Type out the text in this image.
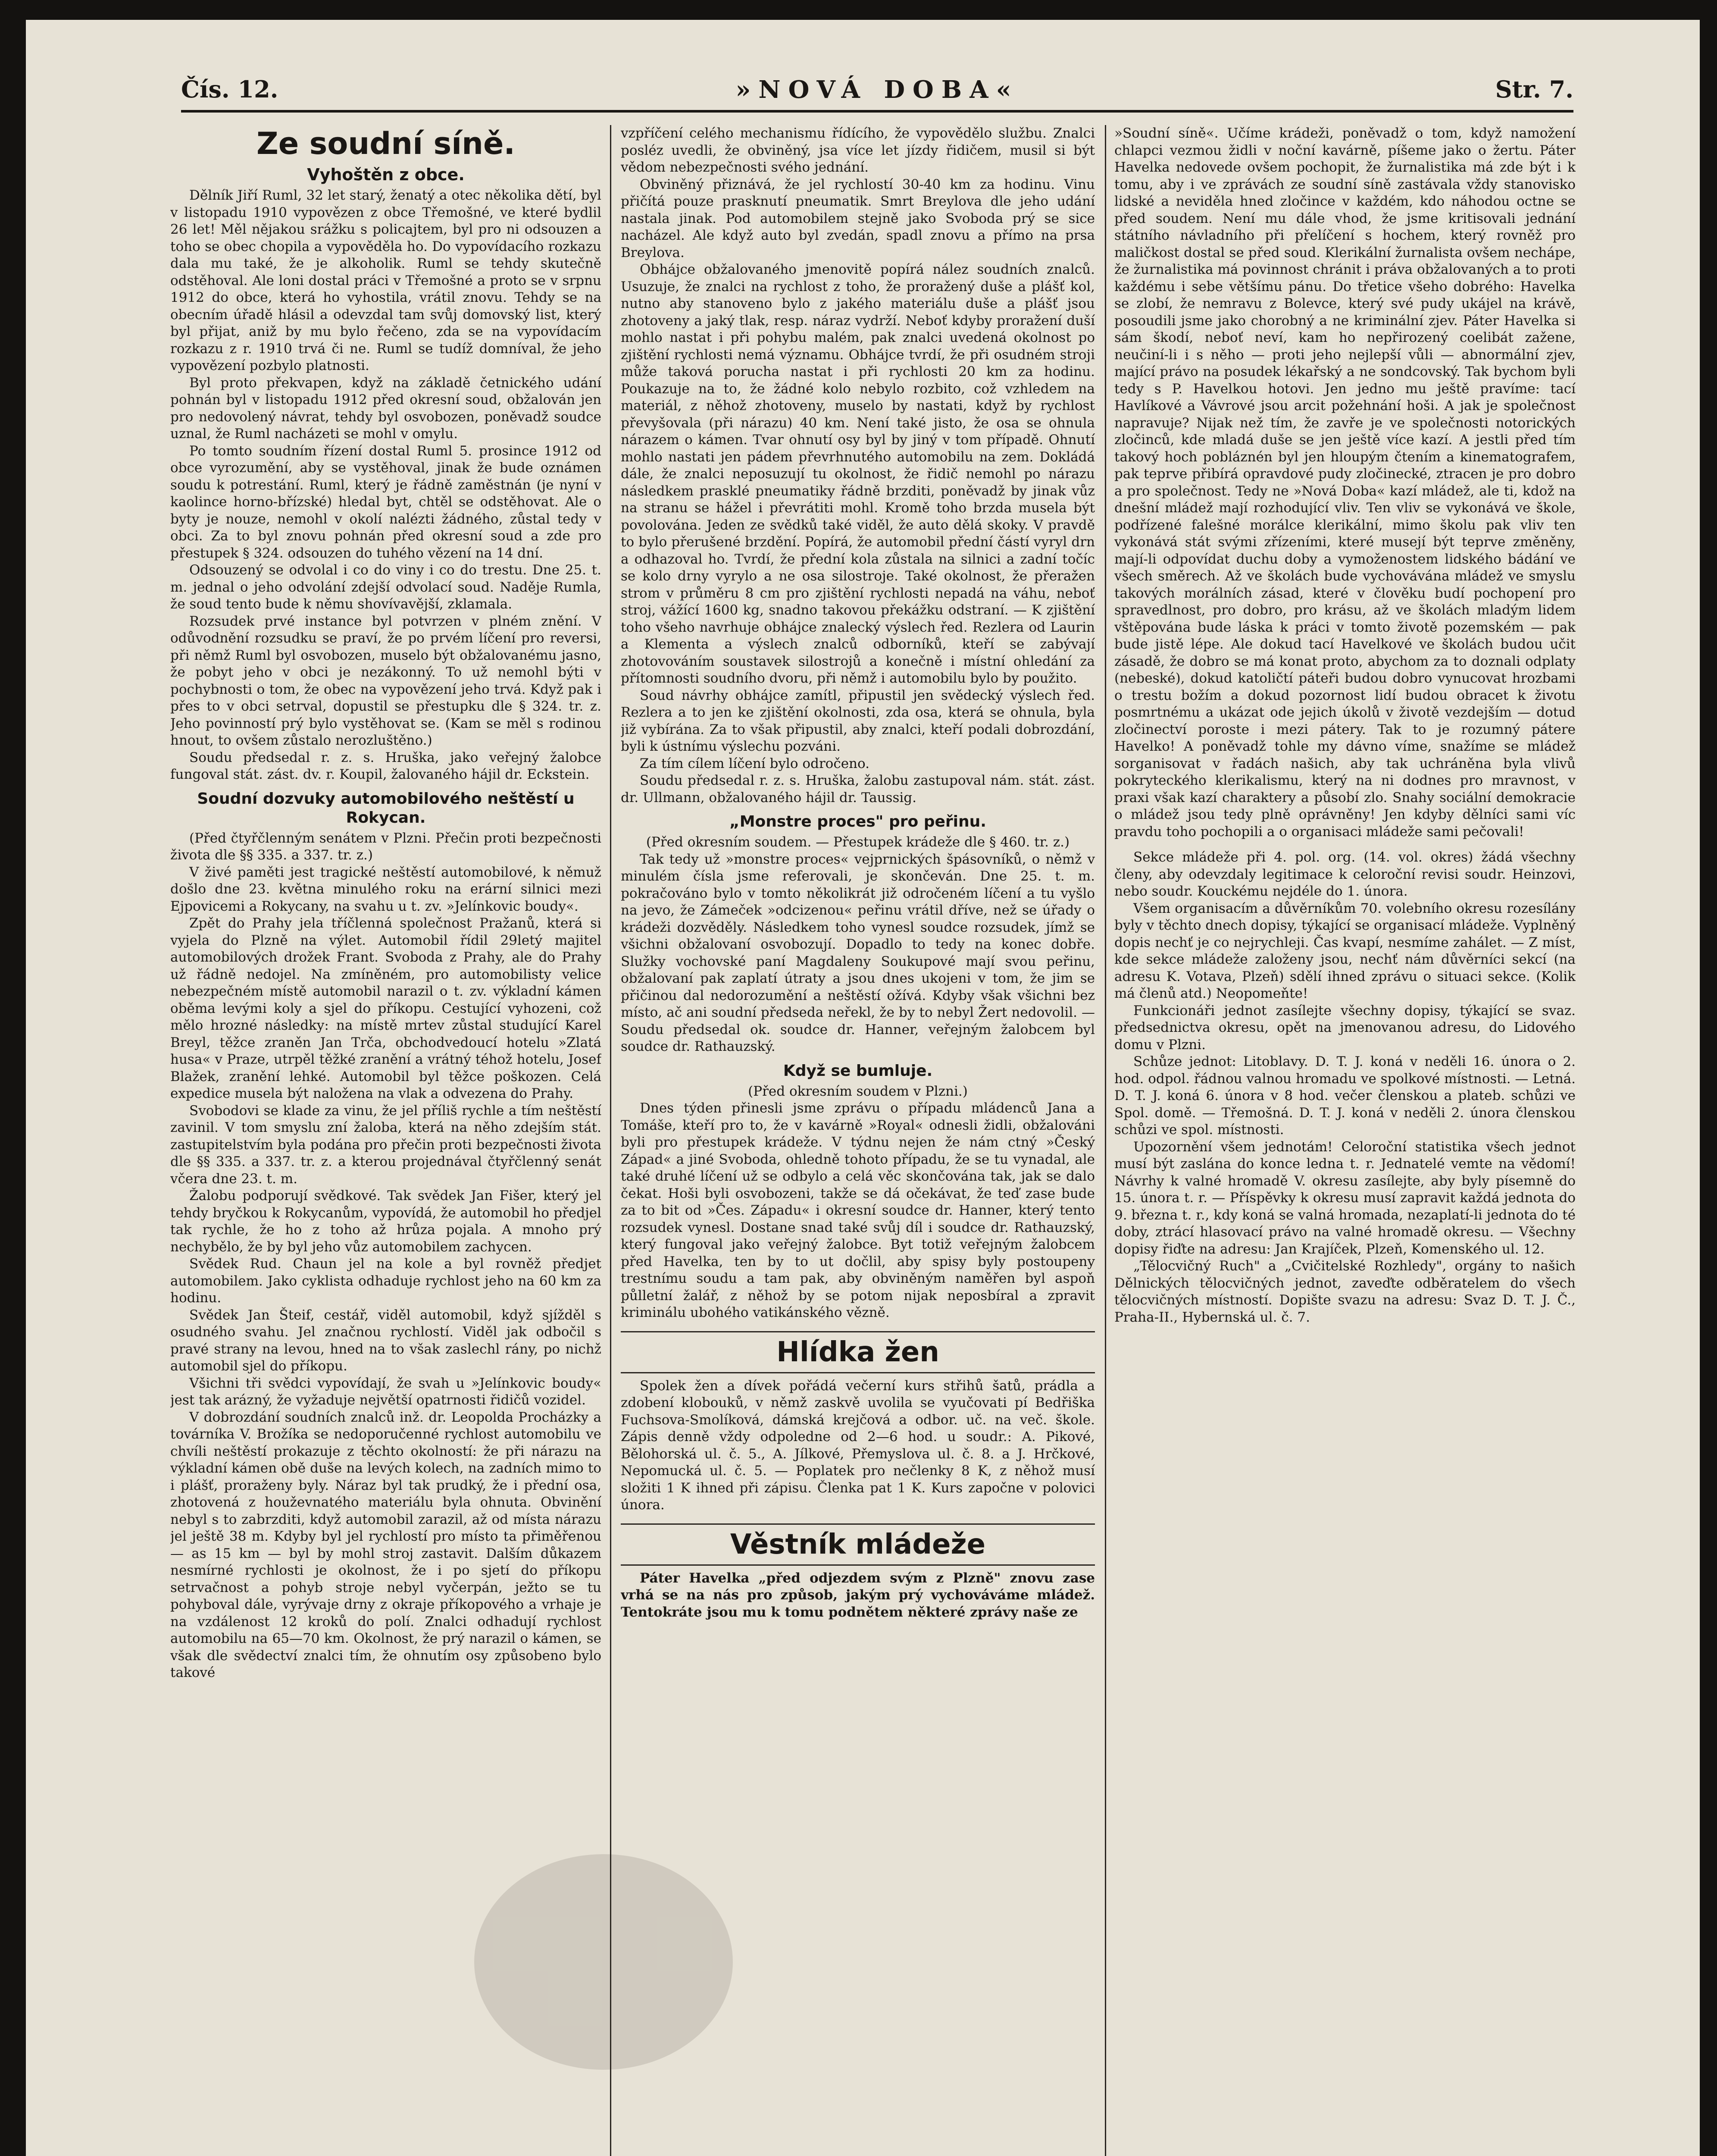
Čís. 12.	»NOVÁ DOBA«	Str. 7.
Ze soudní síně.
Vyhoštěn z obce.

Dělník Jiří Ruml, 32 let starý, ženatý a otec několika dětí, byl v listopadu 1910 vypovězen z obce Třemošné, ve které bydlil 26 let! Měl nějakou srážku s policajtem, byl pro ni odsouzen a toho se obec chopila a vypověděla ho. Do vypovídacího rozkazu dala mu také, že je alkoholik. Ruml se tehdy skutečně odstěhoval. Ale loni dostal práci v Třemošné a proto se v srpnu 1912 do obce, která ho vyhostila, vrátil znovu. Tehdy se na obecním úřadě hlásil a odevzdal tam svůj domovský list, který byl přijat, aniž by mu bylo řečeno, zda se na vypovídacím rozkazu z r. 1910 trvá či ne. Ruml se tudíž domníval, že jeho vypovězení pozbylo platnosti.

Byl proto překvapen, když na základě četnického udání pohnán byl v listopadu 1912 před okresní soud, obžalován jen pro nedovolený návrat, tehdy byl osvobozen, poněvadž soudce uznal, že Ruml nacházeti se mohl v omylu.

Po tomto soudním řízení dostal Ruml 5. prosince 1912 od obce vyrozumění, aby se vystěhoval, jinak že bude oznámen soudu k potrestání. Ruml, který je řádně zaměstnán (je nyní v kaolince horno-břízské) hledal byt, chtěl se odstěhovat. Ale o byty je nouze, nemohl v okolí nalézti žádného, zůstal tedy v obci. Za to byl znovu pohnán před okresní soud a zde pro přestupek § 324. odsouzen do tuhého vězení na 14 dní.

Odsouzený se odvolal i co do viny i co do trestu. Dne 25. t. m. jednal o jeho odvolání zdejší odvolací soud. Naděje Rumla, že soud tento bude k němu shovívavější, zklamala.

Rozsudek prvé instance byl potvrzen v plném znění. V odůvodnění rozsudku se praví, že po prvém líčení pro reversi, při němž Ruml byl osvobozen, muselo být obžalovanému jasno, že pobyt jeho v obci je nezákonný. To už nemohl býti v pochybnosti o tom, že obec na vypovězení jeho trvá. Když pak i přes to v obci setrval, dopustil se přestupku dle § 324. tr. z. Jeho povinností prý bylo vystěhovat se. (Kam se měl s rodinou hnout, to ovšem zůstalo nerozluštěno.)

Soudu předsedal r. z. s. Hruška, jako veřejný žalobce fungoval stát. zást. dv. r. Koupil, žalovaného hájil dr. Eckstein.

Soudní dozvuky automobilového neštěstí u Rokycan.

(Před čtyřčlenným senátem v Plzni. Přečin proti bezpečnosti života dle §§ 335. a 337. tr. z.)

V živé paměti jest tragické neštěstí automobilové, k němuž došlo dne 23. května minulého roku na erární silnici mezi Ejpovicemi a Rokycany, na svahu u t. zv. »Jelínkovic boudy«.

Zpět do Prahy jela tříčlenná společnost Pražanů, která si vyjela do Plzně na výlet. Automobil řídil 29letý majitel automobilových drožek Frant. Svoboda z Prahy, ale do Prahy už řádně nedojel. Na zmíněném, pro automobilisty velice nebezpečném místě automobil narazil o t. zv. výkladní kámen oběma levými koly a sjel do příkopu. Cestující vyhozeni, což mělo hrozné následky: na místě mrtev zůstal studující Karel Breyl, těžce zraněn Jan Trča, obchodvedoucí hotelu »Zlatá husa« v Praze, utrpěl těžké zranění a vrátný téhož hotelu, Josef Blažek, zranění lehké. Automobil byl těžce poškozen. Celá expedice musela být naložena na vlak a odvezena do Prahy.

Svobodovi se klade za vinu, že jel příliš rychle a tím neštěstí zavinil. V tom smyslu zní žaloba, která na něho zdejším stát. zastupitelstvím byla podána pro přečin proti bezpečnosti života dle §§ 335. a 337. tr. z. a kterou projednával čtyřčlenný senát včera dne 23. t. m.

Žalobu podporují svědkové. Tak svědek Jan Fišer, který jel tehdy bryčkou k Rokycanům, vypovídá, že automobil ho předjel tak rychle, že ho z toho až hrůza pojala. A mnoho prý nechybělo, že by byl jeho vůz automobilem zachycen.

Svědek Rud. Chaun jel na kole a byl rovněž předjet automobilem. Jako cyklista odhaduje rychlost jeho na 60 km za hodinu.

Svědek Jan Šteif, cestář, viděl automobil, když sjížděl s osudného svahu. Jel značnou rychlostí. Viděl jak odbočil s pravé strany na levou, hned na to však zaslechl rány, po nichž automobil sjel do příkopu.

Všichni tři svědci vypovídají, že svah u »Jelínkovic boudy« jest tak arázný, že vyžaduje největší opatrnosti řidičů vozidel.

V dobrozdání soudních znalců inž. dr. Leopolda Procházky a továrníka V. Brožíka se nedoporučenné rychlost automobilu ve chvíli neštěstí prokazuje z těchto okolností: že při nárazu na výkladní kámen obě duše na levých kolech, na zadních mimo to i plášť, proraženy byly. Náraz byl tak prudký, že i přední osa, zhotovená z houževnatého materiálu byla ohnuta. Obvinění nebyl s to zabrzditi, když automobil zarazil, až od místa nárazu jel ještě 38 m. Kdyby byl jel rychlostí pro místo ta přiměřenou — as 15 km — byl by mohl stroj zastavit. Dalším důkazem nesmírné rychlosti je okolnost, že i po sjetí do příkopu setrvačnost a pohyb stroje nebyl vyčerpán, ježto se tu pohyboval dále, vyrývaje drny z okraje příkopového a vrhaje je na vzdálenost 12 kroků do polí. Znalci odhadují rychlost automobilu na 65—70 km. Okolnost, že prý narazil o kámen, se však dle svědectví znalci tím, že ohnutím osy způsobeno bylo takové

vzpříčení celého mechanismu řídícího, že vypovědělo službu. Znalci posléz uvedli, že obviněný, jsa více let jízdy řidičem, musil si být vědom nebezpečnosti svého jednání.

Obviněný přiznává, že jel rychlostí 30-40 km za hodinu. Vinu přičítá pouze prasknutí pneumatik. Smrt Breylova dle jeho udání nastala jinak. Pod automobilem stejně jako Svoboda prý se sice nacházel. Ale když auto byl zvedán, spadl znovu a přímo na prsa Breylova.

Obhájce obžalovaného jmenovitě popírá nález soudních znalců. Usuzuje, že znalci na rychlost z toho, že proražený duše a plášť kol, nutno aby stanoveno bylo z jakého materiálu duše a plášť jsou zhotoveny a jaký tlak, resp. náraz vydrží. Neboť kdyby proražení duší mohlo nastat i při pohybu malém, pak znalci uvedená okolnost po zjištění rychlosti nemá významu. Obhájce tvrdí, že při osudném stroji může taková porucha nastat i při rychlosti 20 km za hodinu. Poukazuje na to, že žádné kolo nebylo rozbito, což vzhledem na materiál, z něhož zhotoveny, muselo by nastati, když by rychlost převyšovala (při nárazu) 40 km. Není také jisto, že osa se ohnula nárazem o kámen. Tvar ohnutí osy byl by jiný v tom případě. Ohnutí mohlo nastati jen pádem převrhnutého automobilu na zem. Dokládá dále, že znalci neposuzují tu okolnost, že řidič nemohl po nárazu následkem prasklé pneumatiky řádně brzditi, poněvadž by jinak vůz na stranu se hážel i převrátiti mohl. Kromě toho brzda musela být povolována. Jeden ze svědků také viděl, že auto dělá skoky. V pravdě to bylo přerušené brzdění. Popírá, že automobil přední částí vyryl drn a odhazoval ho. Tvrdí, že přední kola zůstala na silnici a zadní točíc se kolo drny vyrylo a ne osa silostroje. Také okolnost, že přeražen strom v průměru 8 cm pro zjištění rychlosti nepadá na váhu, neboť stroj, vážící 1600 kg, snadno takovou překážku odstraní. — K zjištění toho všeho navrhuje obhájce znalecký výslech řed. Rezlera od Laurin a Klementa a výslech znalců odborníků, kteří se zabývají zhotovováním soustavek silostrojů a konečně i místní ohledání za přítomnosti soudního dvoru, při němž i automobilu bylo by použito.

Soud návrhy obhájce zamítl, připustil jen svědecký výslech řed. Rezlera a to jen ke zjištění okolnosti, zda osa, která se ohnula, byla již vybírána. Za to však připustil, aby znalci, kteří podali dobrozdání, byli k ústnímu výslechu pozváni.

Za tím cílem líčení bylo odročeno.

Soudu předsedal r. z. s. Hruška, žalobu zastupoval nám. stát. zást. dr. Ullmann, obžalovaného hájil dr. Taussig.

„Monstre proces" pro peřinu.

(Před okresním soudem. — Přestupek krádeže dle § 460. tr. z.)

Tak tedy už »monstre proces« vejprnických špásovníků, o němž v minulém čísla jsme referovali, je skončeván. Dne 25. t. m. pokračováno bylo v tomto několikrát již odročeném líčení a tu vyšlo na jevo, že Zámeček »odcizenou« peřinu vrátil dříve, než se úřady o krádeži dozvěděly. Následkem toho vynesl soudce rozsudek, jímž se všichni obžalovaní osvobozují. Dopadlo to tedy na konec dobře. Služky vochovské paní Magdaleny Soukupové mají svou peřinu, obžalovaní pak zaplatí útraty a jsou dnes ukojeni v tom, že jim se přičinou dal nedorozumění a neštěstí ožívá. Kdyby však všichni bez místo, ač ani soudní předseda neřekl, že by to nebyl Žert nedovolil. — Soudu předsedal ok. soudce dr. Hanner, veřejným žalobcem byl soudce dr. Rathauzský.

Když se bumluje.

(Před okresním soudem v Plzni.)

Dnes týden přinesli jsme zprávu o případu mládenců Jana a Tomáše, kteří pro to, že v kavárně »Royal« odnesli židli, obžalováni byli pro přestupek krádeže. V týdnu nejen že nám ctný »Český Západ« a jiné Svoboda, ohledně tohoto případu, že se tu vynadal, ale také druhé líčení už se odbylo a celá věc skončována tak, jak se dalo čekat. Hoši byli osvobozeni, takže se dá očekávat, že teď zase bude za to bit od »Čes. Západu« i okresní soudce dr. Hanner, který tento rozsudek vynesl. Dostane snad také svůj díl i soudce dr. Rathauzský, který fungoval jako veřejný žalobce. Byt totiž veřejným žalobcem před Havelka, ten by to ut dočlil, aby spisy byly postoupeny trestnímu soudu a tam pak, aby obviněným naměřen byl aspoň půlletní žalář, z něhož by se potom nijak neposbíral a zpravit kriminálu ubohého vatikánského vězně.

Hlídka žen

Spolek žen a dívek pořádá večerní kurs střihů šatů, prádla a zdobení klobouků, v němž zaskvě uvolila se vyučovati pí Bedřiška Fuchsova-Smolíková, dámská krejčová a odbor. uč. na več. škole. Zápis denně vždy odpoledne od 2—6 hod. u soudr.: A. Pikové, Bělohorská ul. č. 5., A. Jílkové, Přemyslova ul. č. 8. a J. Hrčkové, Nepomucká ul. č. 5. — Poplatek pro nečlenky 8 K, z něhož musí složiti 1 K ihned při zápisu. Členka pat 1 K. Kurs započne v polovici února.

Věstník mládeže

Páter Havelka „před odjezdem svým z Plzně" znovu zase vrhá se na nás pro způsob, jakým prý vychováváme mládež. Tentokráte jsou mu k tomu podnětem některé zprávy naše ze

»Soudní síně«. Učíme krádeži, poněvadž o tom, když namožení chlapci vezmou židli v noční kavárně, píšeme jako o žertu. Páter Havelka nedovede ovšem pochopit, že žurnalistika má zde být i k tomu, aby i ve zprávách ze soudní síně zastávala vždy stanovisko lidské a neviděla hned zločince v každém, kdo náhodou octne se před soudem. Není mu dále vhod, že jsme kritisovali jednání státního návladního při přelíčení s hochem, který rovněž pro maličkost dostal se před soud. Klerikální žurnalista ovšem nechápe, že žurnalistika má povinnost chránit i práva obžalovaných a to proti každému i sebe většímu pánu. Do třetice všeho dobrého: Havelka se zlobí, že nemravu z Bolevce, který své pudy ukájel na krávě, posoudili jsme jako chorobný a ne kriminální zjev. Páter Havelka si sám škodí, neboť neví, kam ho nepřirozený coelibát zažene, neučiní-li i s něho — proti jeho nejlepší vůli — abnormální zjev, mající právo na posudek lékařský a ne sondcovský. Tak bychom byli tedy s P. Havelkou hotovi. Jen jedno mu ještě pravíme: tací Havlíkové a Vávrové jsou arcit požehnání hoši. A jak je společnost napravuje? Nijak než tím, že zavře je ve společnosti notorických zločinců, kde mladá duše se jen ještě více kazí. A jestli před tím takový hoch pobláznén byl jen hloupým čtením a kinematografem, pak teprve přibírá opravdové pudy zločinecké, ztracen je pro dobro a pro společnost. Tedy ne »Nová Doba« kazí mládež, ale ti, kdož na dnešní mládež mají rozhodující vliv. Ten vliv se vykonává ve škole, podřízené falešné morálce klerikální, mimo školu pak vliv ten vykonává stát svými zřízeními, které musejí být teprve změněny, mají-li odpovídat duchu doby a vymoženostem lidského bádání ve všech směrech. Až ve školách bude vychovávána mládež ve smyslu takových morálních zásad, které v člověku budí pochopení pro spravedlnost, pro dobro, pro krásu, až ve školách mladým lidem vštěpována bude láska k práci v tomto životě pozemském — pak bude jistě lépe. Ale dokud tací Havelkové ve školách budou učit zásadě, že dobro se má konat proto, abychom za to doznali odplaty (nebeské), dokud katoličtí páteři budou dobro vynucovat hrozbami o trestu božím a dokud pozornost lidí budou obracet k životu posmrtnému a ukázat ode jejich úkolů v životě vezdejším — dotud zločinectví poroste i mezi pátery. Tak to je rozumný pátere Havelko! A poněvadž tohle my dávno víme, snažíme se mládež sorganisovat v řadách našich, aby tak uchráněna byla vlivů pokryteckého klerikalismu, který na ni dodnes pro mravnost, v praxi však kazí charaktery a působí zlo. Snahy sociální demokracie o mládež jsou tedy plně oprávněny! Jen kdyby dělníci sami víc pravdu toho pochopili a o organisaci mládeže sami pečovali!

Sekce mládeže při 4. pol. org. (14. vol. okres) žádá všechny členy, aby odevzdaly legitimace k celoroční revisi soudr. Heinzovi, nebo soudr. Kouckému nejdéle do 1. února.

Všem organisacím a důvěrníkům 70. volebního okresu rozesílány byly v těchto dnech dopisy, týkající se organisací mládeže. Vyplněný dopis nechť je co nejrychleji. Čas kvapí, nesmíme zahálet. — Z míst, kde sekce mládeže založeny jsou, nechť nám důvěrníci sekcí (na adresu K. Votava, Plzeň) sdělí ihned zprávu o situaci sekce. (Kolik má členů atd.) Neopomeňte!

Funkcionáři jednot zasílejte všechny dopisy, týkající se svaz. předsednictva okresu, opět na jmenovanou adresu, do Lidového domu v Plzni.

Schůze jednot: Litoblavy. D. T. J. koná v neděli 16. února o 2. hod. odpol. řádnou valnou hromadu ve spolkové místnosti. — Letná. D. T. J. koná 6. února v 8 hod. večer členskou a plateb. schůzi ve Spol. domě. — Třemošná. D. T. J. koná v neděli 2. února členskou schůzi ve spol. místnosti.

Upozornění všem jednotám! Celoroční statistika všech jednot musí být zaslána do konce ledna t. r. Jednatelé vemte na vědomí! Návrhy k valné hromadě V. okresu zasílejte, aby byly písemně do 15. února t. r. — Příspěvky k okresu musí zapravit každá jednota do 9. března t. r., kdy koná se valná hromada, nezaplatí-li jednota do té doby, ztrácí hlasovací právo na valné hromadě okresu. — Všechny dopisy řiďte na adresu: Jan Krajíček, Plzeň, Komenského ul. 12.

„Tělocvičný Ruch" a „Cvičitelské Rozhledy", orgány to našich Dělnických tělocvičných jednot, zaveďte odběratelem do všech tělocvičných místností. Dopište svazu na adresu: Svaz D. T. J. Č., Praha-II., Hybernská ul. č. 7.
